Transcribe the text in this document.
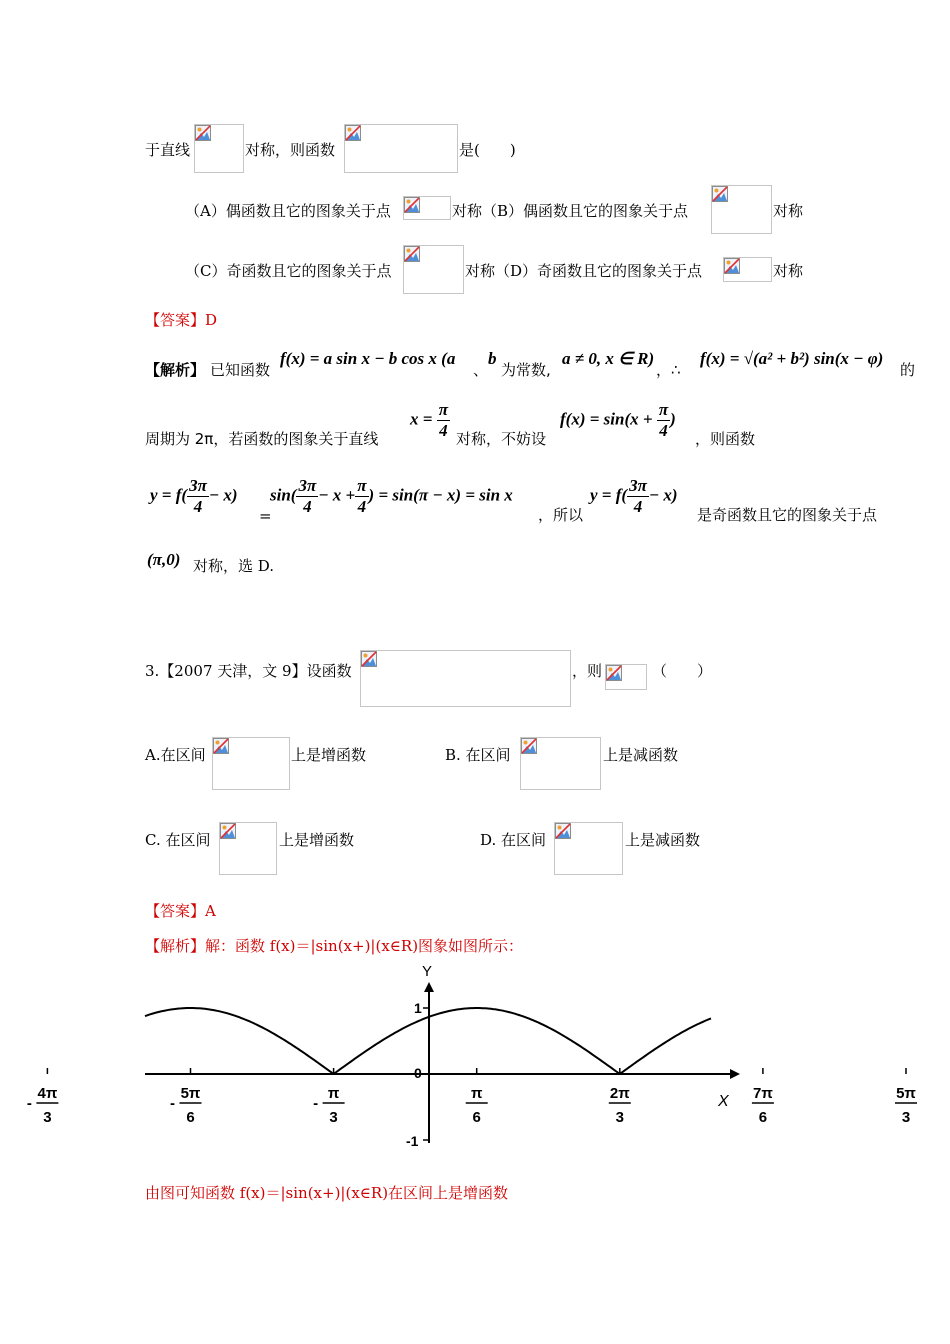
于直线	对称，则函数	是(　　)
（A）偶函数且它的图象关于点	对称（B）偶函数且它的图象关于点	对称
（C）奇函数且它的图象关于点	对称（D）奇函数且它的图象关于点	对称
【答案】D
【解析】 已知函数
f(x) = a sin x − b cos x (a
、
b
为常数,
a ≠ 0, x ∈ R)
，∴
f(x) = √(a² + b²) sin(x − φ)
的
周期为 2π，若函数的图象关于直线
$x = \frac{\pi}{4}$ 对称，不妨设
$f(x) = \sin(x + \frac{\pi}{4}$ )
，则函数
$y = f( \frac{3\pi}{4} - x)$
=
$\sin( \frac{3\pi}{4} - x + \frac{\pi}{4}$ ) = sin(π − x) = sin x
，所以
$y = f( \frac{3\pi}{4} - x)$
是奇函数且它的图象关于点
(π,0) 对称，选 D.
3.【2007 天津，文 9】设函数	，则	（　　）
A.在区间	上是增函数	B. 在区间	上是减函数
C. 在区间	上是增函数	D. 在区间	上是减函数
【答案】A
【解析】解：函数 f(x)＝|sin(x+)|(x∈R)图象如图所示：
Y
X
1
0
-1
4π
3
-
5π
6
-
π
3
-
π
6
2π
3
7π
6
5π
3
由图可知函数 f(x)＝|sin(x+)|(x∈R)在区间上是增函数
